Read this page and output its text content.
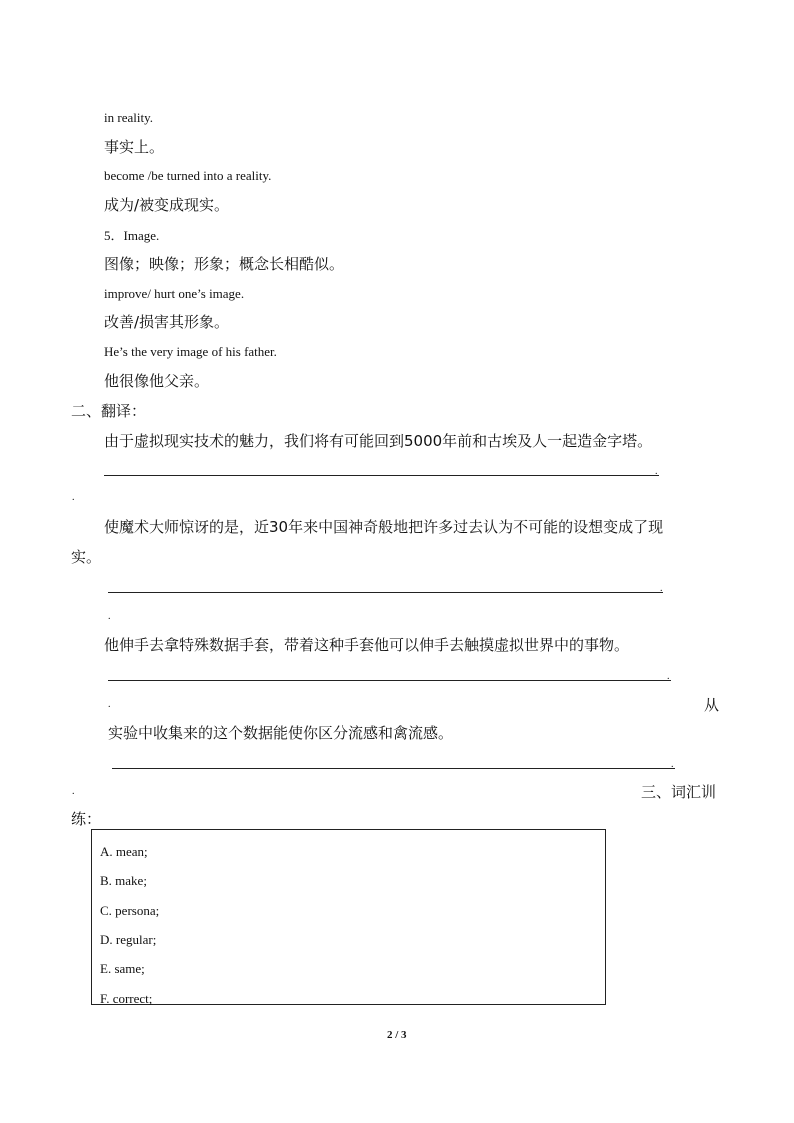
in reality.
事实上。
become /be turned into a reality.
成为/被变成现实。
5．Image.
图像；映像；形象；概念长相酷似。
improve/ hurt one’s image.
改善/损害其形象。
He’s the very image of his father.
他很像他父亲。
二、翻译：
由于虚拟现实技术的魅力，我们将有可能回到5000年前和古埃及人一起造金字塔。
.
.
使魔术大师惊讶的是，近30年来中国神奇般地把许多过去认为不可能的设想变成了现
实。
.
.
他伸手去拿特殊数据手套，带着这种手套他可以伸手去触摸虚拟世界中的事物。
.
.	从
实验中收集来的这个数据能使你区分流感和禽流感。
.
.	三、词汇训
练：
A. mean;
B. make;
C. persona;
D. regular;
E. same;
F. correct;
2 / 3
